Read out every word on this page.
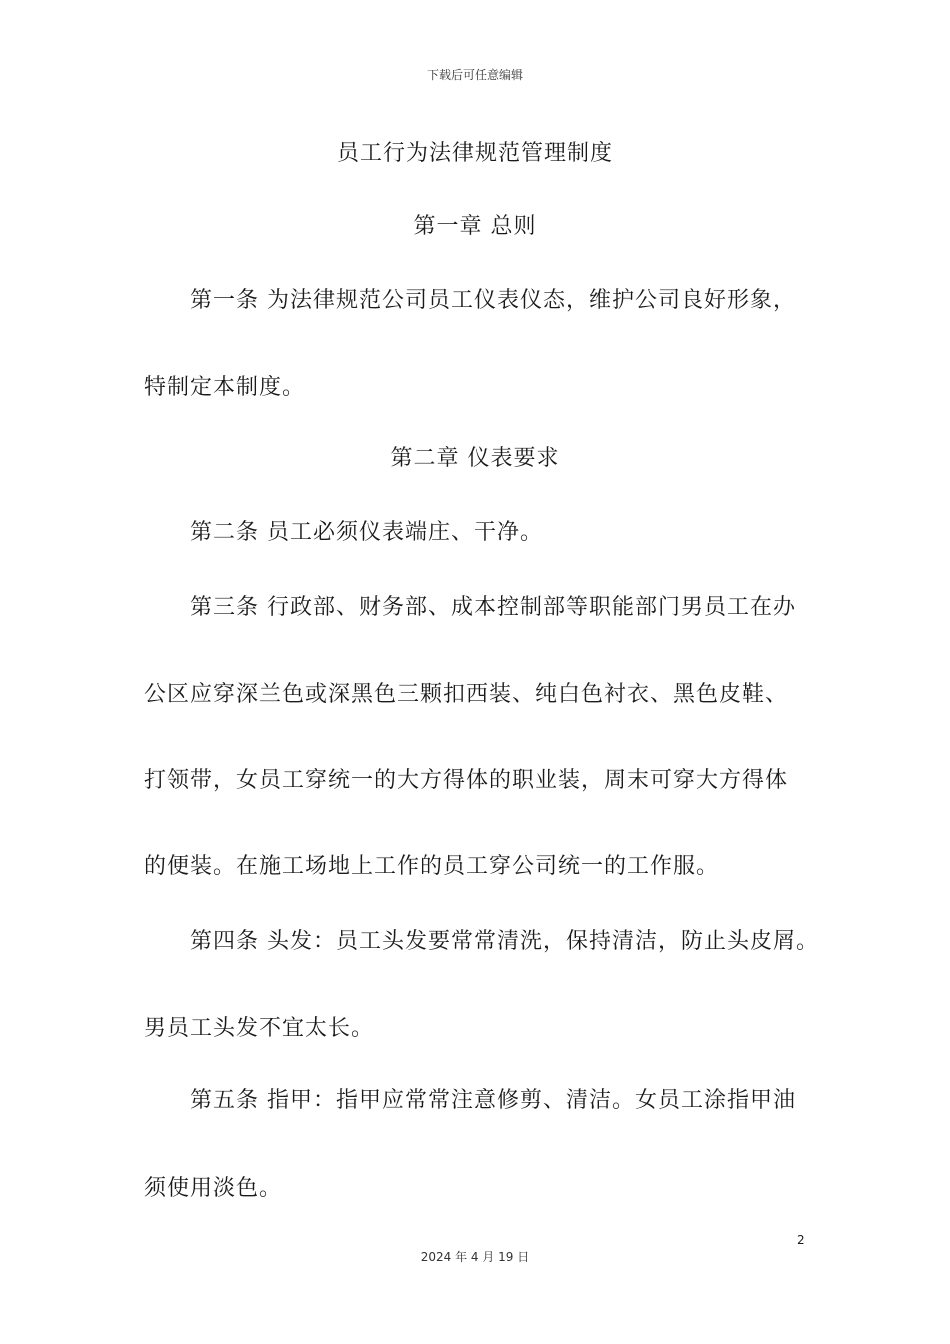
下载后可任意编辑
员工行为法律规范管理制度
第一章 总则
第一条 为法律规范公司员工仪表仪态，维护公司良好形象，
特制定本制度。
第二章 仪表要求
第二条 员工必须仪表端庄、干净。
第三条 行政部、财务部、成本控制部等职能部门男员工在办
公区应穿深兰色或深黑色三颗扣西装、纯白色衬衣、黑色皮鞋、
打领带，女员工穿统一的大方得体的职业装，周末可穿大方得体
的便装。在施工场地上工作的员工穿公司统一的工作服。
第四条 头发：员工头发要常常清洗，保持清洁，防止头皮屑。
男员工头发不宜太长。
第五条 指甲：指甲应常常注意修剪、清洁。女员工涂指甲油
须使用淡色。
2
2024 年 4 月 19 日
